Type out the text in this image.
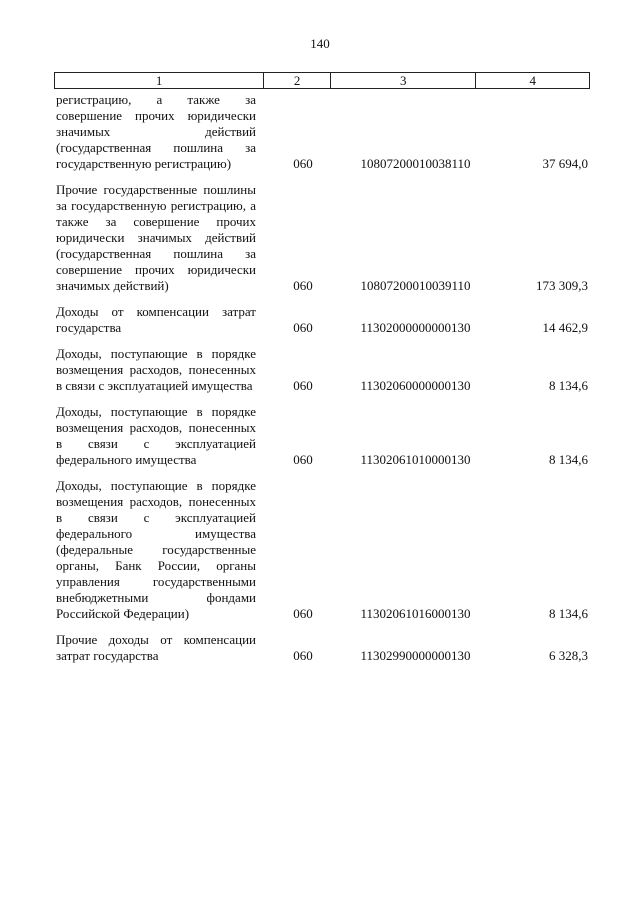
140
1	2	3	4
регистрацию, а также за совершение прочих юридически значимых действий (государственная пошлина за государственную регистрацию)	060	10807200010038110	37 694,0
Прочие государственные пошлины за государственную регистрацию, а также за совершение прочих юридически значимых действий (государственная пошлина за совершение прочих юридически значимых действий)	060	10807200010039110	173 309,3
Доходы от компенсации затрат государства	060	11302000000000130	14 462,9
Доходы, поступающие в порядке возмещения расходов, понесенных в связи с эксплуатацией имущества	060	11302060000000130	8 134,6
Доходы, поступающие в порядке возмещения расходов, понесенных в связи с эксплуатацией федерального имущества	060	11302061010000130	8 134,6
Доходы, поступающие в порядке возмещения расходов, понесенных в связи с эксплуатацией федерального имущества (федеральные государственные органы, Банк России, органы управления государственными внебюджетными фондами Российской Федерации)	060	11302061016000130	8 134,6
Прочие доходы от компенсации затрат государства	060	11302990000000130	6 328,3
